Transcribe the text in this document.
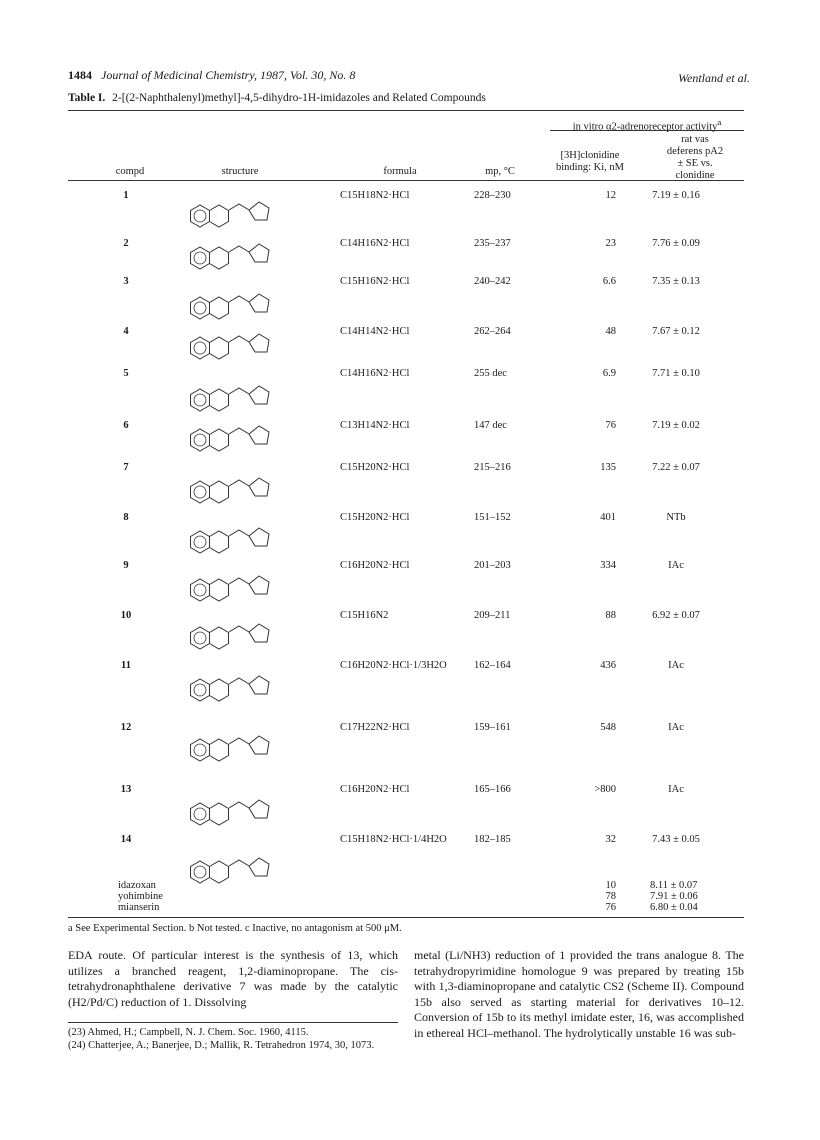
1484 Journal of Medicinal Chemistry, 1987, Vol. 30, No. 8	Wentland et al.
Table I. 2-[(2-Naphthalenyl)methyl]-4,5-dihydro-1H-imidazoles and Related Compounds
in vitro α2-adrenoreceptor activity$^a$
compd	structure	formula	mp, °C
[3H]clonidine
binding: Ki, nM
rat vas
deferens pA2
± SE vs.
clonidine
1	C15H18N2·HCl	228–230	12	7.19 ± 0.16
2	C14H16N2·HCl	235–237	23	7.76 ± 0.09
3	C15H16N2·HCl	240–242	6.6	7.35 ± 0.13
4	C14H14N2·HCl	262–264	48	7.67 ± 0.12
5	C14H16N2·HCl	255 dec	6.9	7.71 ± 0.10
6	C13H14N2·HCl	147 dec	76	7.19 ± 0.02
7	C15H20N2·HCl	215–216	135	7.22 ± 0.07
8	C15H20N2·HCl	151–152	401	NTb
9	C16H20N2·HCl	201–203	334	IAc
10	C15H16N2	209–211	88	6.92 ± 0.07
11	C16H20N2·HCl·1/3H2O	162–164	436	IAc
12	C17H22N2·HCl	159–161	548	IAc
13	C16H20N2·HCl	165–166	>800	IAc
14	C15H18N2·HCl·1/4H2O	182–185	32	7.43 ± 0.05
idazoxan	10	8.11 ± 0.07
yohimbine	78	7.91 ± 0.06
mianserin	76	6.80 ± 0.04
a See Experimental Section. b Not tested. c Inactive, no antagonism at 500 μM.
EDA route. Of particular interest is the synthesis of 13, which utilizes a branched reagent, 1,2-diaminopropane. The cis-tetrahydronaphthalene derivative 7 was made by the catalytic (H2/Pd/C) reduction of 1. Dissolving
metal (Li/NH3) reduction of 1 provided the trans analogue 8. The tetrahydropyrimidine homologue 9 was prepared by treating 15b with 1,3-diaminopropane and catalytic CS2 (Scheme II). Compound 15b also served as starting material for derivatives 10–12. Conversion of 15b to its methyl imidate ester, 16, was accomplished in ethereal HCl–methanol. The hydrolytically unstable 16 was sub-
(23) Ahmed, H.; Campbell, N. J. Chem. Soc. 1960, 4115.
(24) Chatterjee, A.; Banerjee, D.; Mallik, R. Tetrahedron 1974, 30, 1073.
